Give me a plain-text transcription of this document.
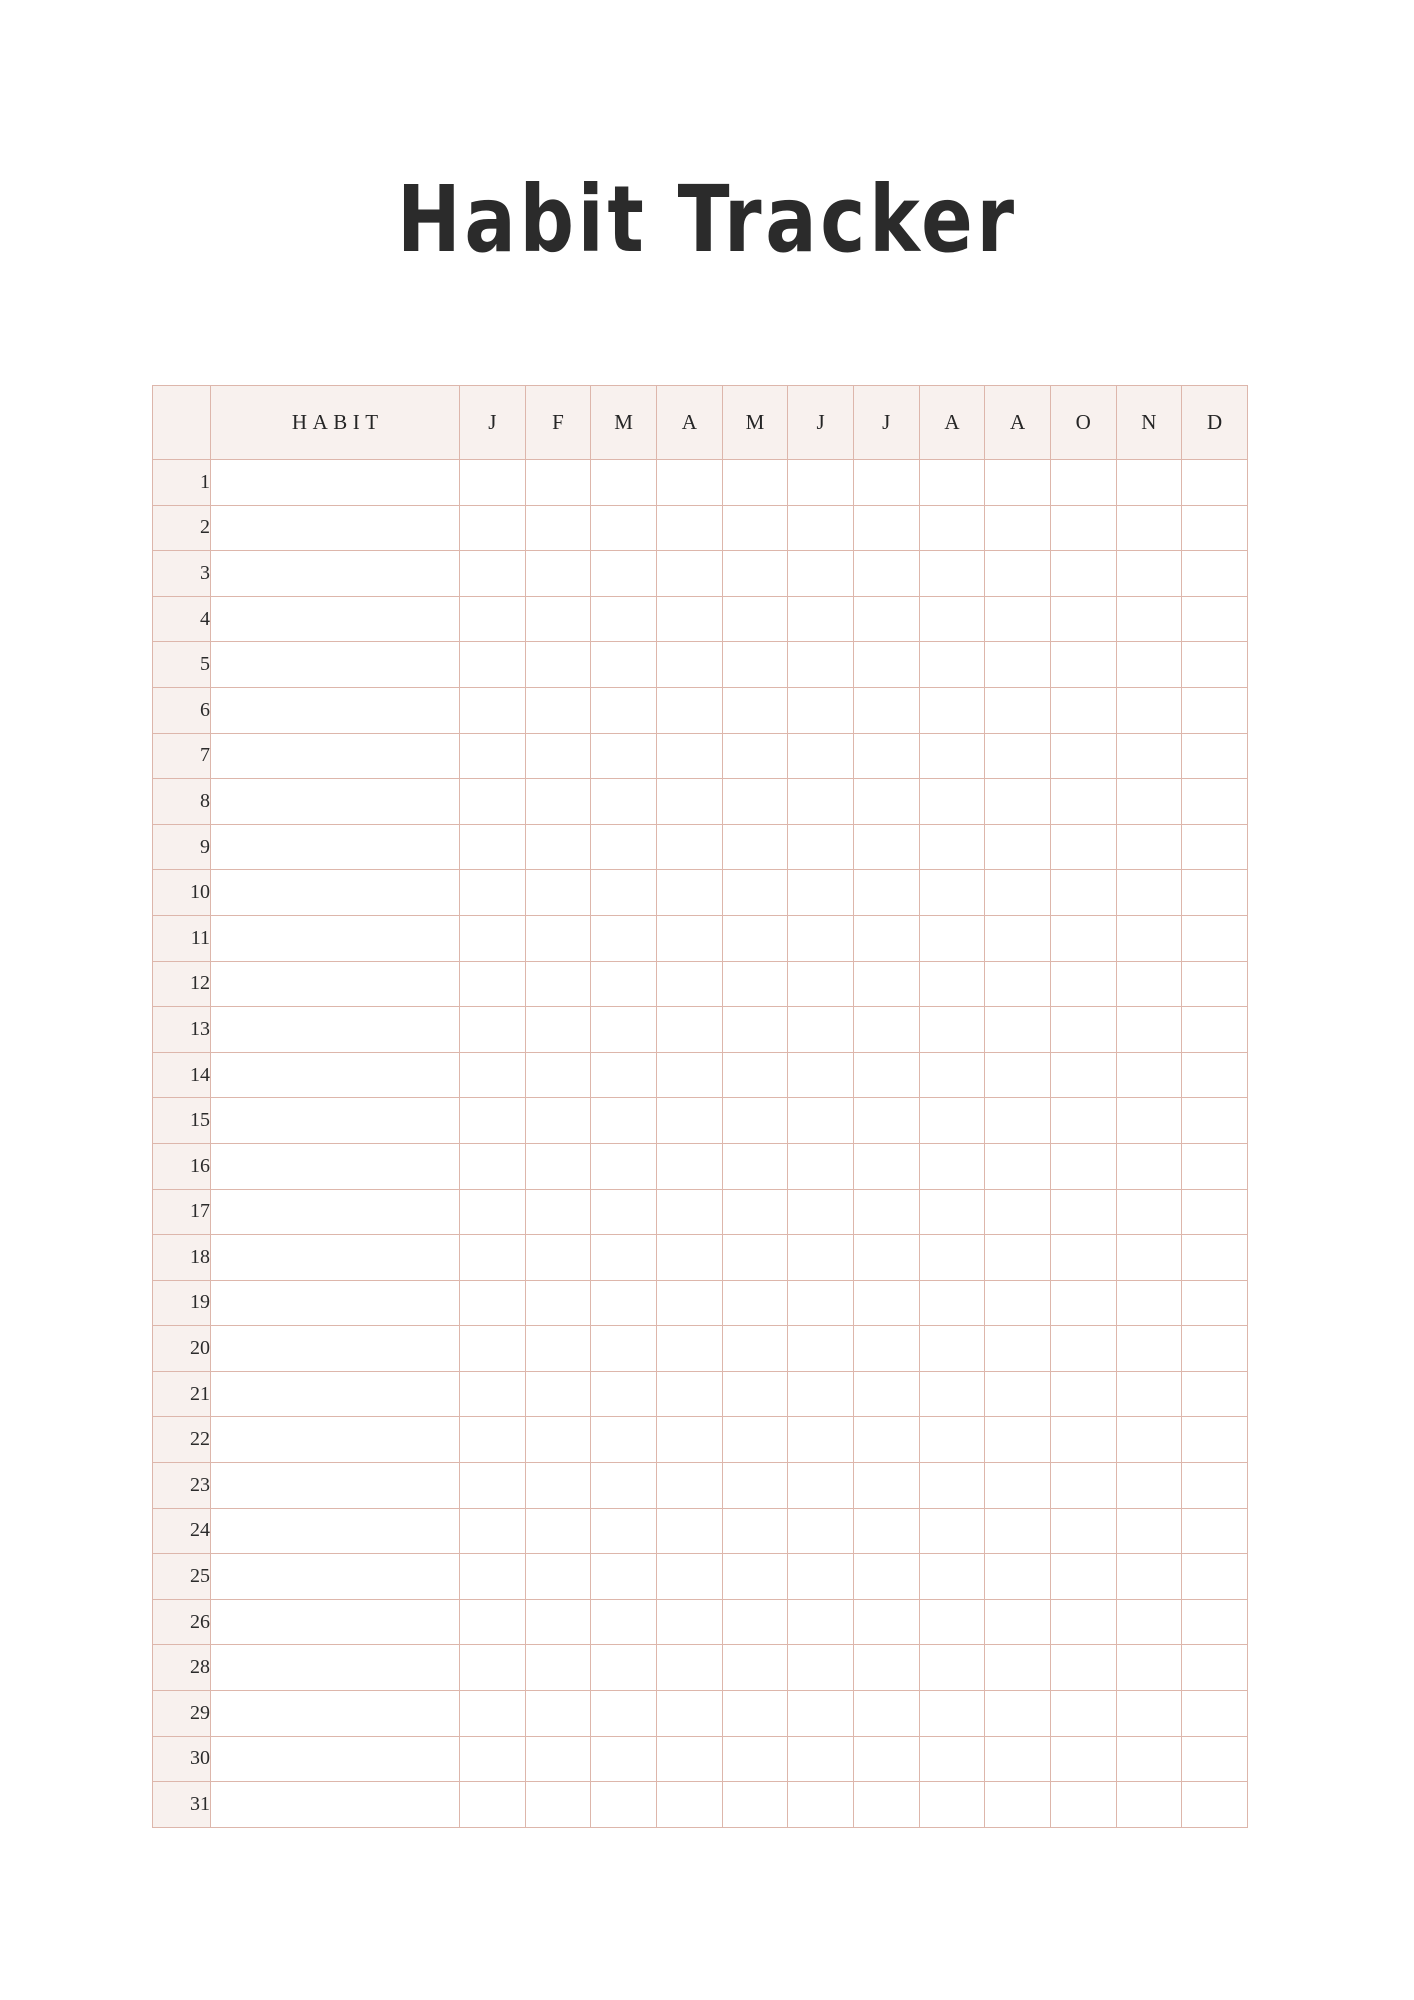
Habit Tracker
	HABIT	J	F	M	A	M	J	J	A	A	O	N	D
1													
2													
3													
4													
5													
6													
7													
8													
9													
10													
11													
12													
13													
14													
15													
16													
17													
18													
19													
20													
21													
22													
23													
24													
25													
26													
28													
29													
30													
31													
